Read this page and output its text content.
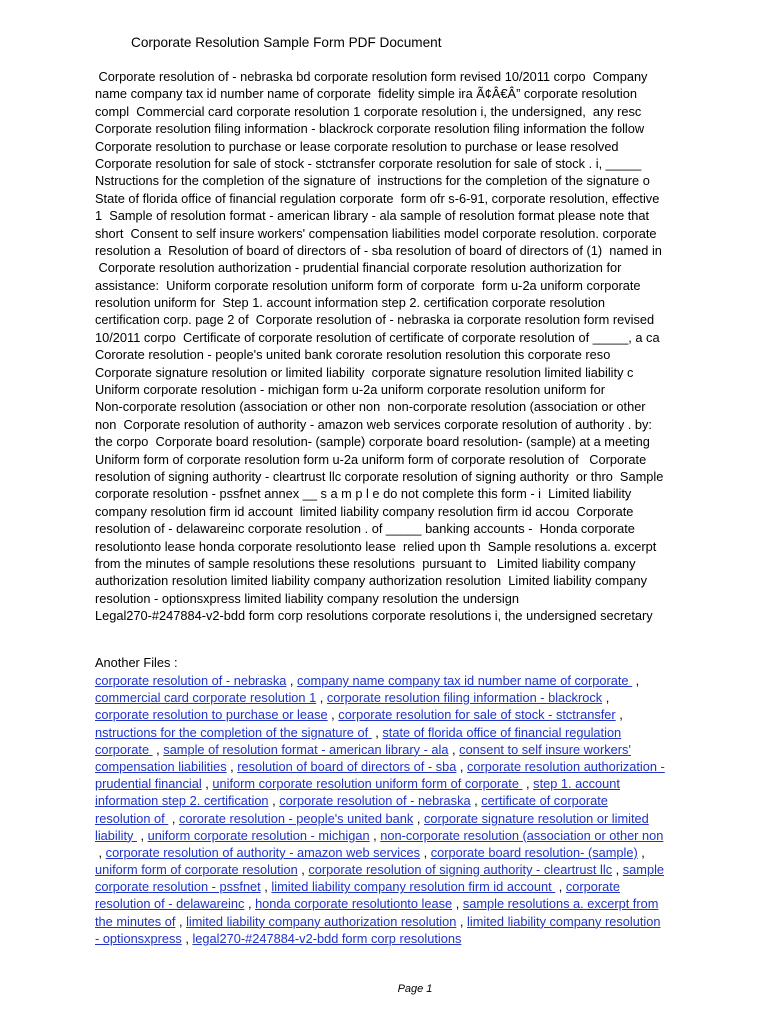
Corporate Resolution Sample Form PDF Document
Corporate resolution of - nebraska bd corporate resolution form revised 10/2011 corpo  Company
name company tax id number name of corporate  fidelity simple ira Ã¢Â€Â” corporate resolution
compl  Commercial card corporate resolution 1 corporate resolution i, the undersigned,  any resc
Corporate resolution filing information - blackrock corporate resolution filing information the follow
Corporate resolution to purchase or lease corporate resolution to purchase or lease resolved
Corporate resolution for sale of stock - stctransfer corporate resolution for sale of stock . i, _____
Nstructions for the completion of the signature of  instructions for the completion of the signature o
State of florida office of financial regulation corporate  form ofr s-6-91, corporate resolution, effective
1  Sample of resolution format - american library - ala sample of resolution format please note that
short  Consent to self insure workers' compensation liabilities model corporate resolution. corporate
resolution a  Resolution of board of directors of - sba resolution of board of directors of (1)  named in
Corporate resolution authorization - prudential financial corporate resolution authorization for
assistance:  Uniform corporate resolution uniform form of corporate  form u-2a uniform corporate
resolution uniform for  Step 1. account information step 2. certification corporate resolution
certification corp. page 2 of  Corporate resolution of - nebraska ia corporate resolution form revised
10/2011 corpo  Certificate of corporate resolution of certificate of corporate resolution of _____, a ca
Cororate resolution - people's united bank cororate resolution resolution this corporate reso
Corporate signature resolution or limited liability  corporate signature resolution limited liability c
Uniform corporate resolution - michigan form u-2a uniform corporate resolution uniform for
Non-corporate resolution (association or other non  non-corporate resolution (association or other
non  Corporate resolution of authority - amazon web services corporate resolution of authority . by:
the corpo  Corporate board resolution- (sample) corporate board resolution- (sample) at a meeting
Uniform form of corporate resolution form u-2a uniform form of corporate resolution of   Corporate
resolution of signing authority - cleartrust llc corporate resolution of signing authority  or thro  Sample
corporate resolution - pssfnet annex __ s a m p l e do not complete this form - i  Limited liability
company resolution firm id account  limited liability company resolution firm id accou  Corporate
resolution of - delawareinc corporate resolution . of _____ banking accounts -  Honda corporate
resolutionto lease honda corporate resolutionto lease  relied upon th  Sample resolutions a. excerpt
from the minutes of sample resolutions these resolutions  pursuant to   Limited liability company
authorization resolution limited liability company authorization resolution  Limited liability company
resolution - optionsxpress limited liability company resolution the undersign
Legal270-#247884-v2-bdd form corp resolutions corporate resolutions i, the undersigned secretary
Another Files :
corporate resolution of - nebraska , company name company tax id number name of corporate  ,
commercial card corporate resolution 1 , corporate resolution filing information - blackrock ,
corporate resolution to purchase or lease , corporate resolution for sale of stock - stctransfer ,
nstructions for the completion of the signature of  , state of florida office of financial regulation
corporate  , sample of resolution format - american library - ala , consent to self insure workers'
compensation liabilities , resolution of board of directors of - sba , corporate resolution authorization -
prudential financial , uniform corporate resolution uniform form of corporate  , step 1. account
information step 2. certification , corporate resolution of - nebraska , certificate of corporate
resolution of  , cororate resolution - people's united bank , corporate signature resolution or limited
liability  , uniform corporate resolution - michigan , non-corporate resolution (association or other non
, corporate resolution of authority - amazon web services , corporate board resolution- (sample) ,
uniform form of corporate resolution , corporate resolution of signing authority - cleartrust llc , sample
corporate resolution - pssfnet , limited liability company resolution firm id account  , corporate
resolution of - delawareinc , honda corporate resolutionto lease , sample resolutions a. excerpt from
the minutes of , limited liability company authorization resolution , limited liability company resolution
- optionsxpress , legal270-#247884-v2-bdd form corp resolutions
Page 1
